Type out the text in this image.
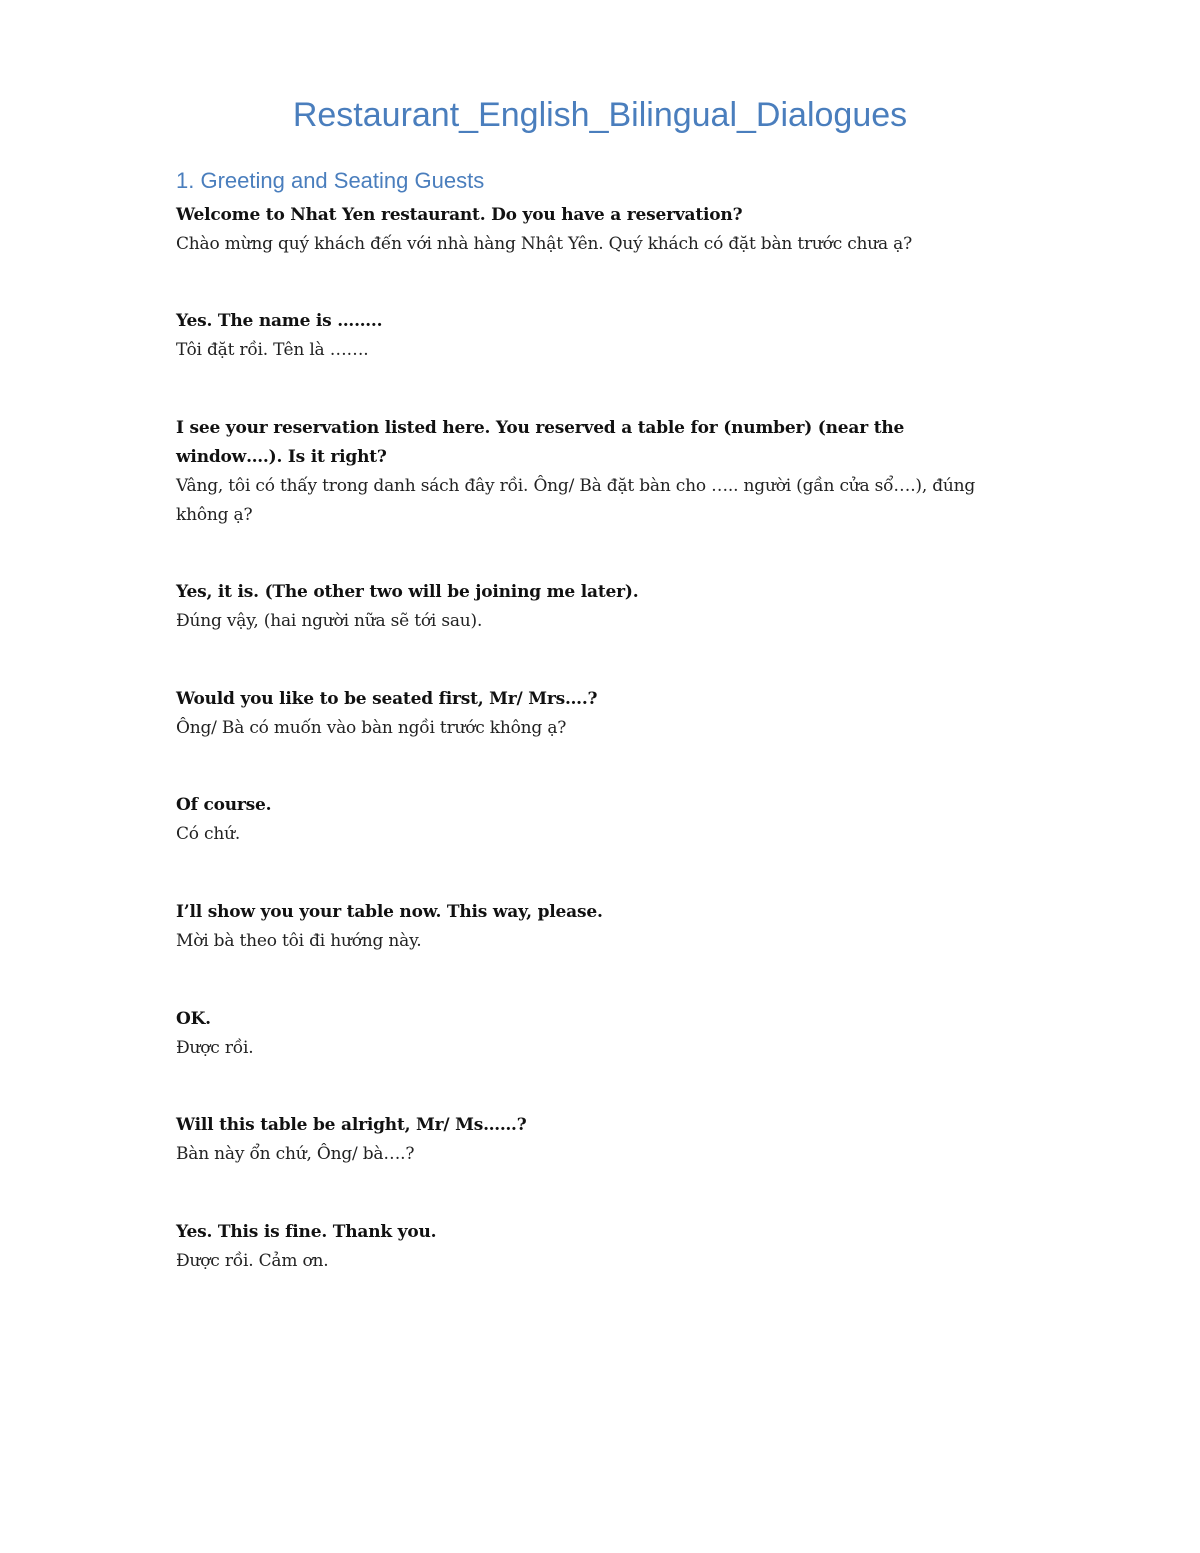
Restaurant_English_Bilingual_Dialogues
1. Greeting and Seating Guests
Welcome to Nhat Yen restaurant. Do you have a reservation?
Chào mừng quý khách đến với nhà hàng Nhật Yên. Quý khách có đặt bàn trước chưa ạ?
Yes. The name is ……..
Tôi đặt rồi. Tên là …….
I see your reservation listed here. You reserved a table for (number) (near the window….). Is it right?
Vâng, tôi có thấy trong danh sách đây rồi. Ông/ Bà đặt bàn cho ….. người (gần cửa sổ….), đúng không ạ?
Yes, it is. (The other two will be joining me later).
Đúng vậy, (hai người nữa sẽ tới sau).
Would you like to be seated first, Mr/ Mrs….?
Ông/ Bà có muốn vào bàn ngồi trước không ạ?
Of course.
Có chứ.
I’ll show you your table now. This way, please.
Mời bà theo tôi đi hướng này.
OK.
Được rồi.
Will this table be alright, Mr/ Ms……?
Bàn này ổn chứ, Ông/ bà….?
Yes. This is fine. Thank you.
Được rồi. Cảm ơn.
